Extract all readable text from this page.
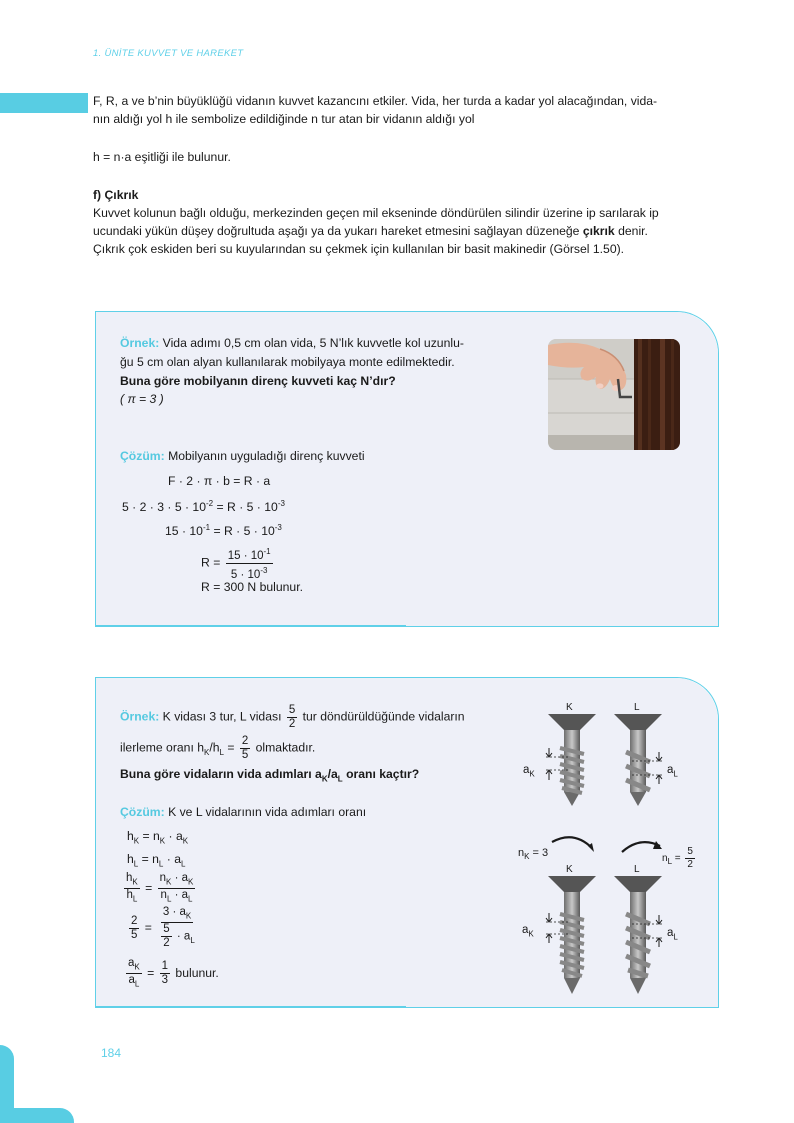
1. ÜNİTE KUVVET VE HAREKET
F, R, a ve b’nin büyüklüğü vidanın kuvvet kazancını etkiler. Vida, her turda a kadar yol alacağından, vida-
nın aldığı yol h ile sembolize edildiğinde n tur atan bir vidanın aldığı yol
h = n·a eşitliği ile bulunur.
f) Çıkrık
Kuvvet kolunun bağlı olduğu, merkezinden geçen mil ekseninde döndürülen silindir üzerine ip sarılarak ip
ucundaki yükün düşey doğrultuda aşağı ya da yukarı hareket etmesini sağlayan düzeneğe çıkrık denir.
Çıkrık çok eskiden beri su kuyularından su çekmek için kullanılan bir basit makinedir (Görsel 1.50).
Örnek: Vida adımı 0,5 cm olan vida, 5 N’lık kuvvetle kol uzunlu-
ğu 5 cm olan alyan kullanılarak mobilyaya monte edilmektedir.
Buna göre mobilyanın direnç kuvveti kaç N’dır?
( π = 3 )
Çözüm: Mobilyanın uyguladığı direnç kuvveti
F · 2 · π · b = R · a
$5 \cdot 2 \cdot 3 \cdot 5 \cdot 10^{-2} = R \cdot 5 \cdot 10^{-3}$
$15 \cdot 10^{-1} = R \cdot 5 \cdot 10^{-3}$
$R = \frac{15 \cdot 10^{-1}}{5 \cdot 10^{-3}}$
R = 300 N bulunur.
Örnek: K vidası 3 tur, L vidası $\frac{5}{2}$ tur döndürüldüğünde vidaların
ilerleme oranı $h_K/h_L = \frac{2}{5}$ olmaktadır.
Buna göre vidaların vida adımları $a_K/a_L$ oranı kaçtır?
Çözüm: K ve L vidalarının vida adımları oranı
$h_K = n_K \cdot a_K$
$h_L = n_L \cdot a_L$
$\frac{h_K}{h_L} = \frac{n_K \cdot a_K}{n_L \cdot a_L}$
$\frac{2}{5} = \frac{3 \cdot a_K}{\frac{5}{2} \cdot a_L}$
$\frac{a_K}{a_L} = \frac{1}{3}$ bulunur.
K	L
$a_K$	$a_L$
$n_K = 3$	$n_L = \frac{5}{2}$
K	L
$a_K$	$a_L$
184
